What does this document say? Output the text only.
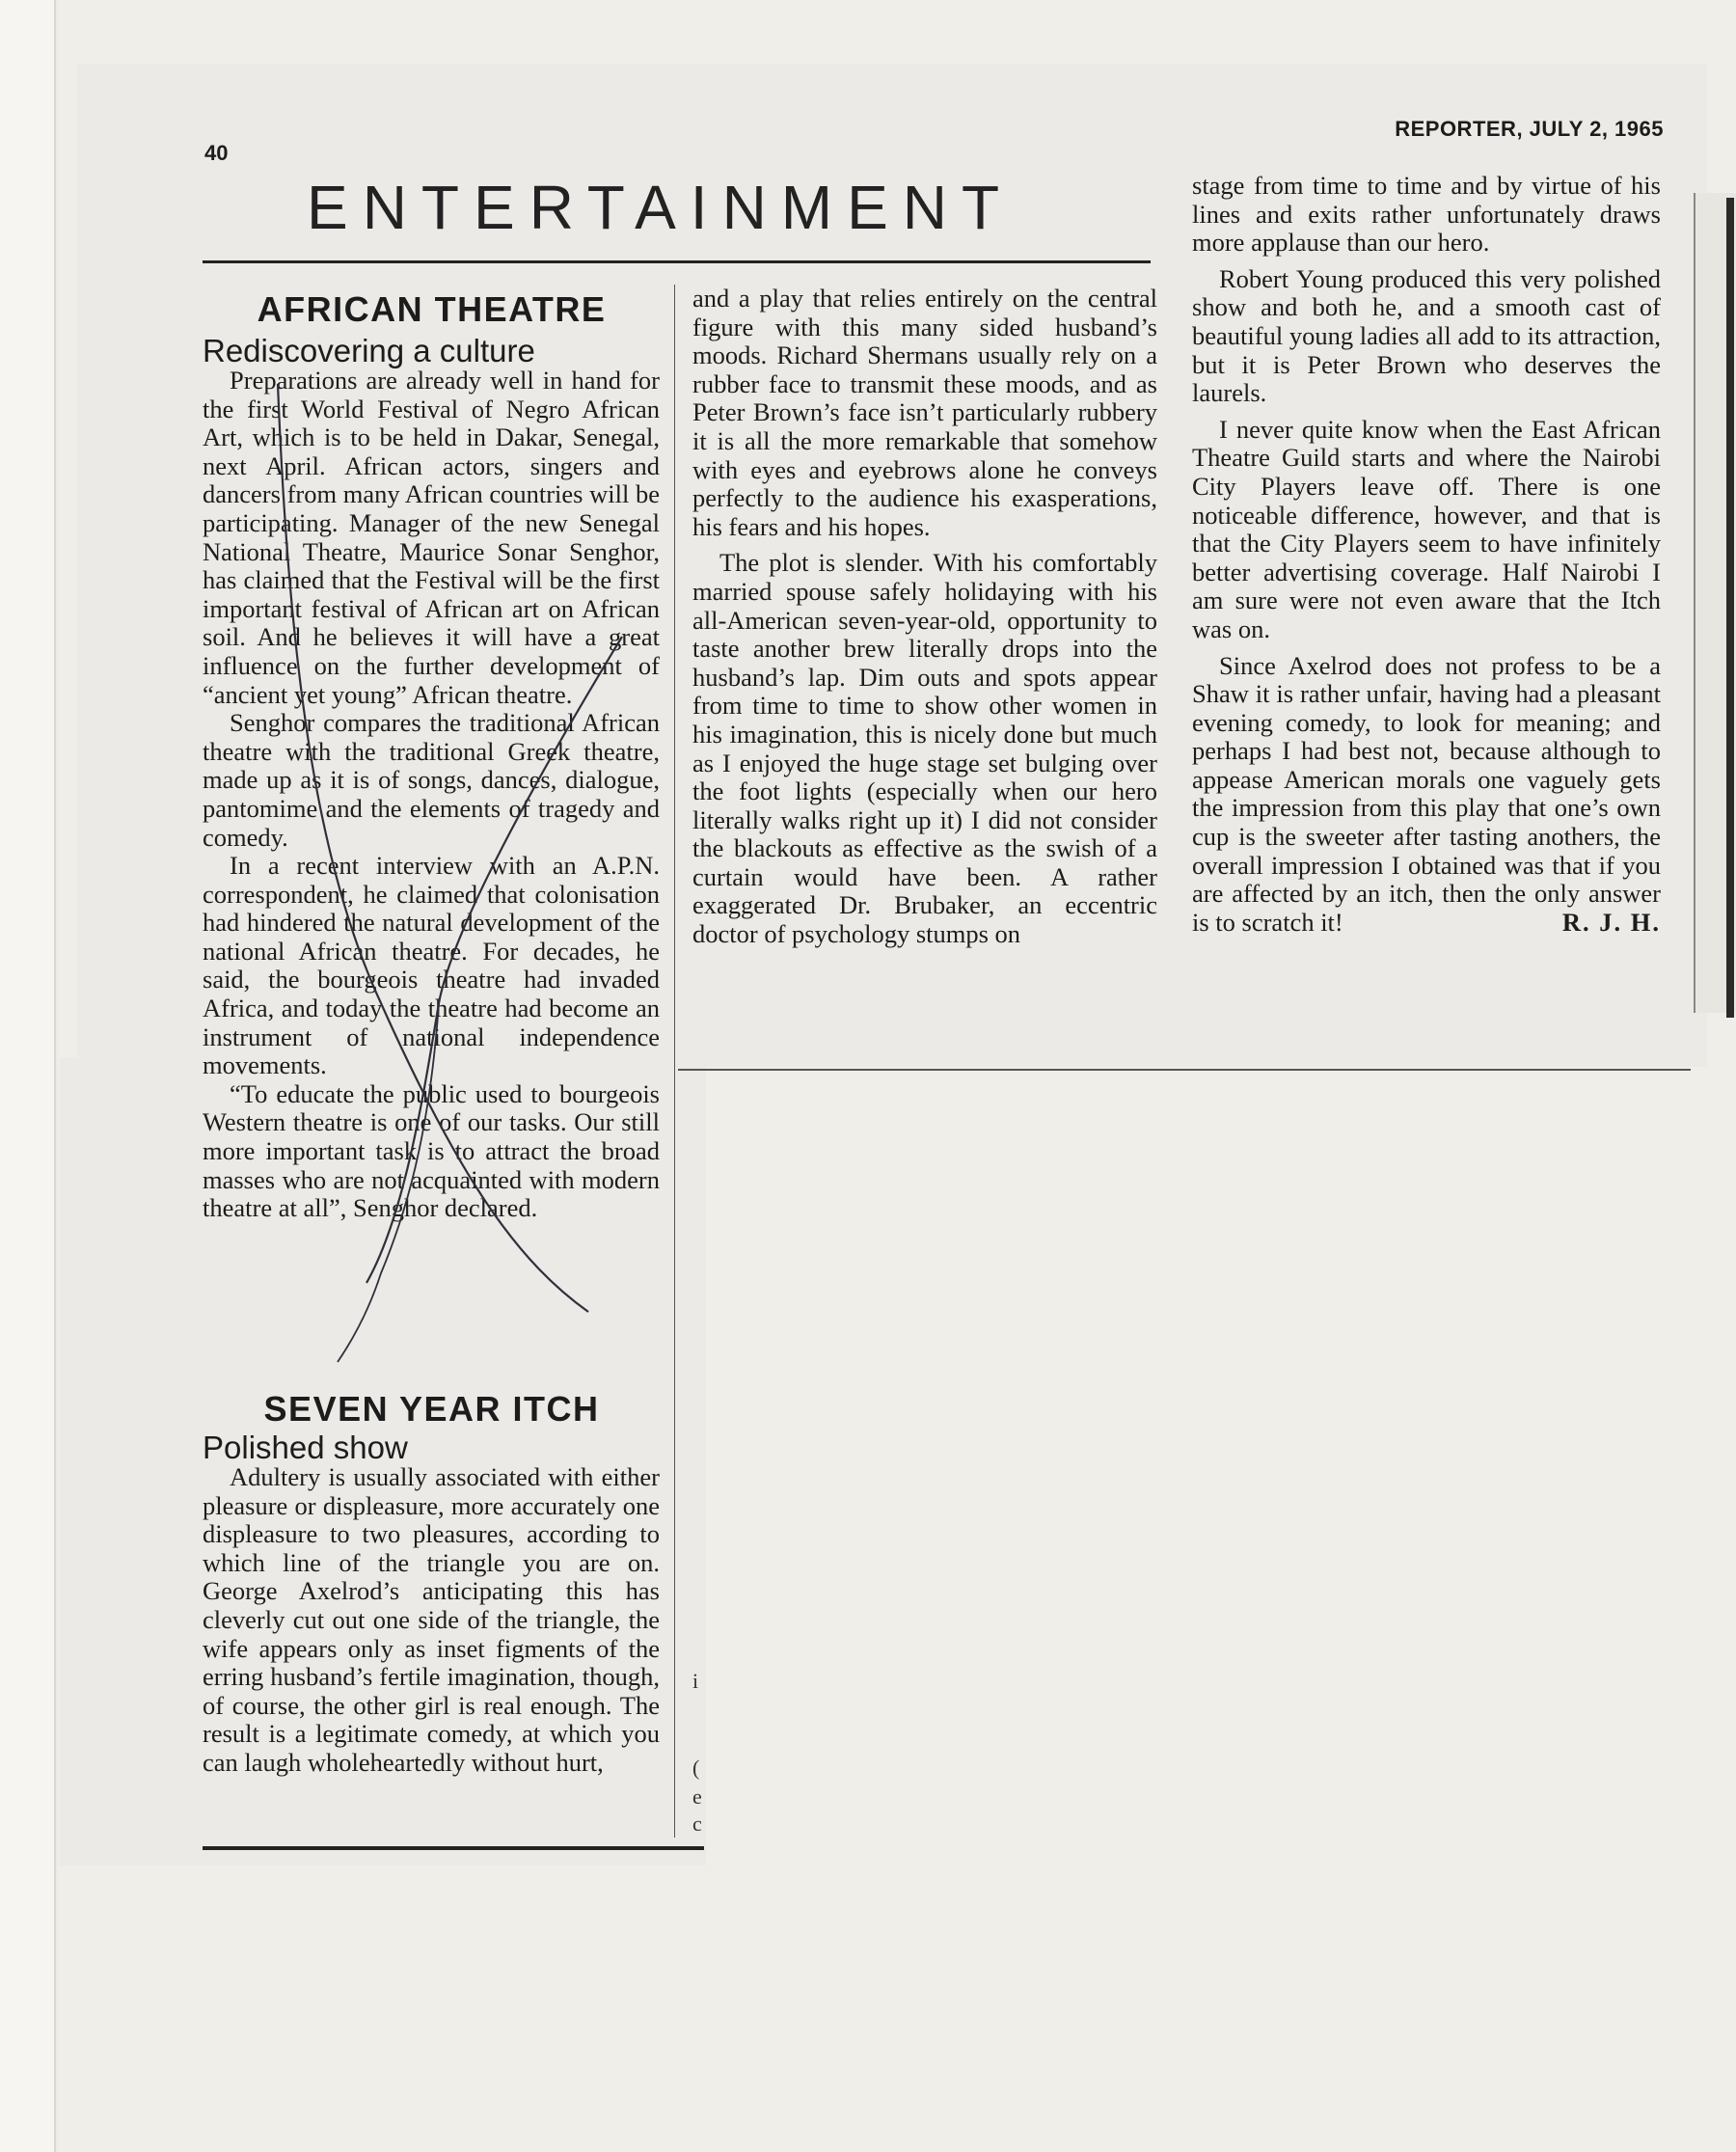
40
REPORTER, JULY 2, 1965
ENTERTAINMENT
AFRICAN THEATRE
Rediscovering a culture

Preparations are already well in hand for the first World Festival of Negro African Art, which is to be held in Dakar, Senegal, next April. African actors, singers and dancers from many African countries will be participating. Manager of the new Senegal National Theatre, Maurice Sonar Senghor, has claimed that the Festival will be the first important festival of African art on African soil. And he believes it will have a great influence on the further development of “ancient yet young” African theatre.

Senghor compares the traditional African theatre with the traditional Greek theatre, made up as it is of songs, dances, dialogue, pantomime and the elements of tragedy and comedy.

In a recent interview with an A.P.N. correspondent, he claimed that colonisation had hindered the natural development of the national African theatre. For decades, he said, the bourgeois theatre had invaded Africa, and today the theatre had become an instrument of national independence movements.

“To educate the public used to bourgeois Western theatre is one of our tasks. Our still more important task is to attract the broad masses who are not acquainted with modern theatre at all”, Senghor declared.

SEVEN YEAR ITCH
Polished show

Adultery is usually associated with either pleasure or displeasure, more accurately one displeasure to two pleasures, according to which line of the triangle you are on. George Axelrod’s anticipating this has cleverly cut out one side of the triangle, the wife appears only as inset figments of the erring husband’s fertile imagination, though, of course, the other girl is real enough. The result is a legitimate comedy, at which you can laugh wholeheartedly without hurt,

and a play that relies entirely on the central figure with this many sided husband’s moods. Richard Shermans usually rely on a rubber face to transmit these moods, and as Peter Brown’s face isn’t particularly rubbery it is all the more remarkable that somehow with eyes and eyebrows alone he conveys perfectly to the audience his exasperations, his fears and his hopes.

The plot is slender. With his comfortably married spouse safely holidaying with his all-American seven-year-old, opportunity to taste another brew literally drops into the husband’s lap. Dim outs and spots appear from time to time to show other women in his imagination, this is nicely done but much as I enjoyed the huge stage set bulging over the foot lights (especially when our hero literally walks right up it) I did not consider the blackouts as effective as the swish of a curtain would have been. A rather exaggerated Dr. Brubaker, an eccentric doctor of psychology stumps on

stage from time to time and by virtue of his lines and exits rather unfortunately draws more applause than our hero.

Robert Young produced this very polished show and both he, and a smooth cast of beautiful young ladies all add to its attraction, but it is Peter Brown who deserves the laurels.

I never quite know when the East African Theatre Guild starts and where the Nairobi City Players leave off. There is one noticeable difference, however, and that is that the City Players seem to have infinitely better advertising coverage. Half Nairobi I am sure were not even aware that the Itch was on.

Since Axelrod does not profess to be a Shaw it is rather unfair, having had a pleasant evening comedy, to look for meaning; and perhaps I had best not, because although to appease American morals one vaguely gets the impression from this play that one’s own cup is the sweeter after tasting anothers, the overall impression I obtained was that if you are affected by an itch, then the only answer is to scratch it!	R. J. H.

i
(
e
c
